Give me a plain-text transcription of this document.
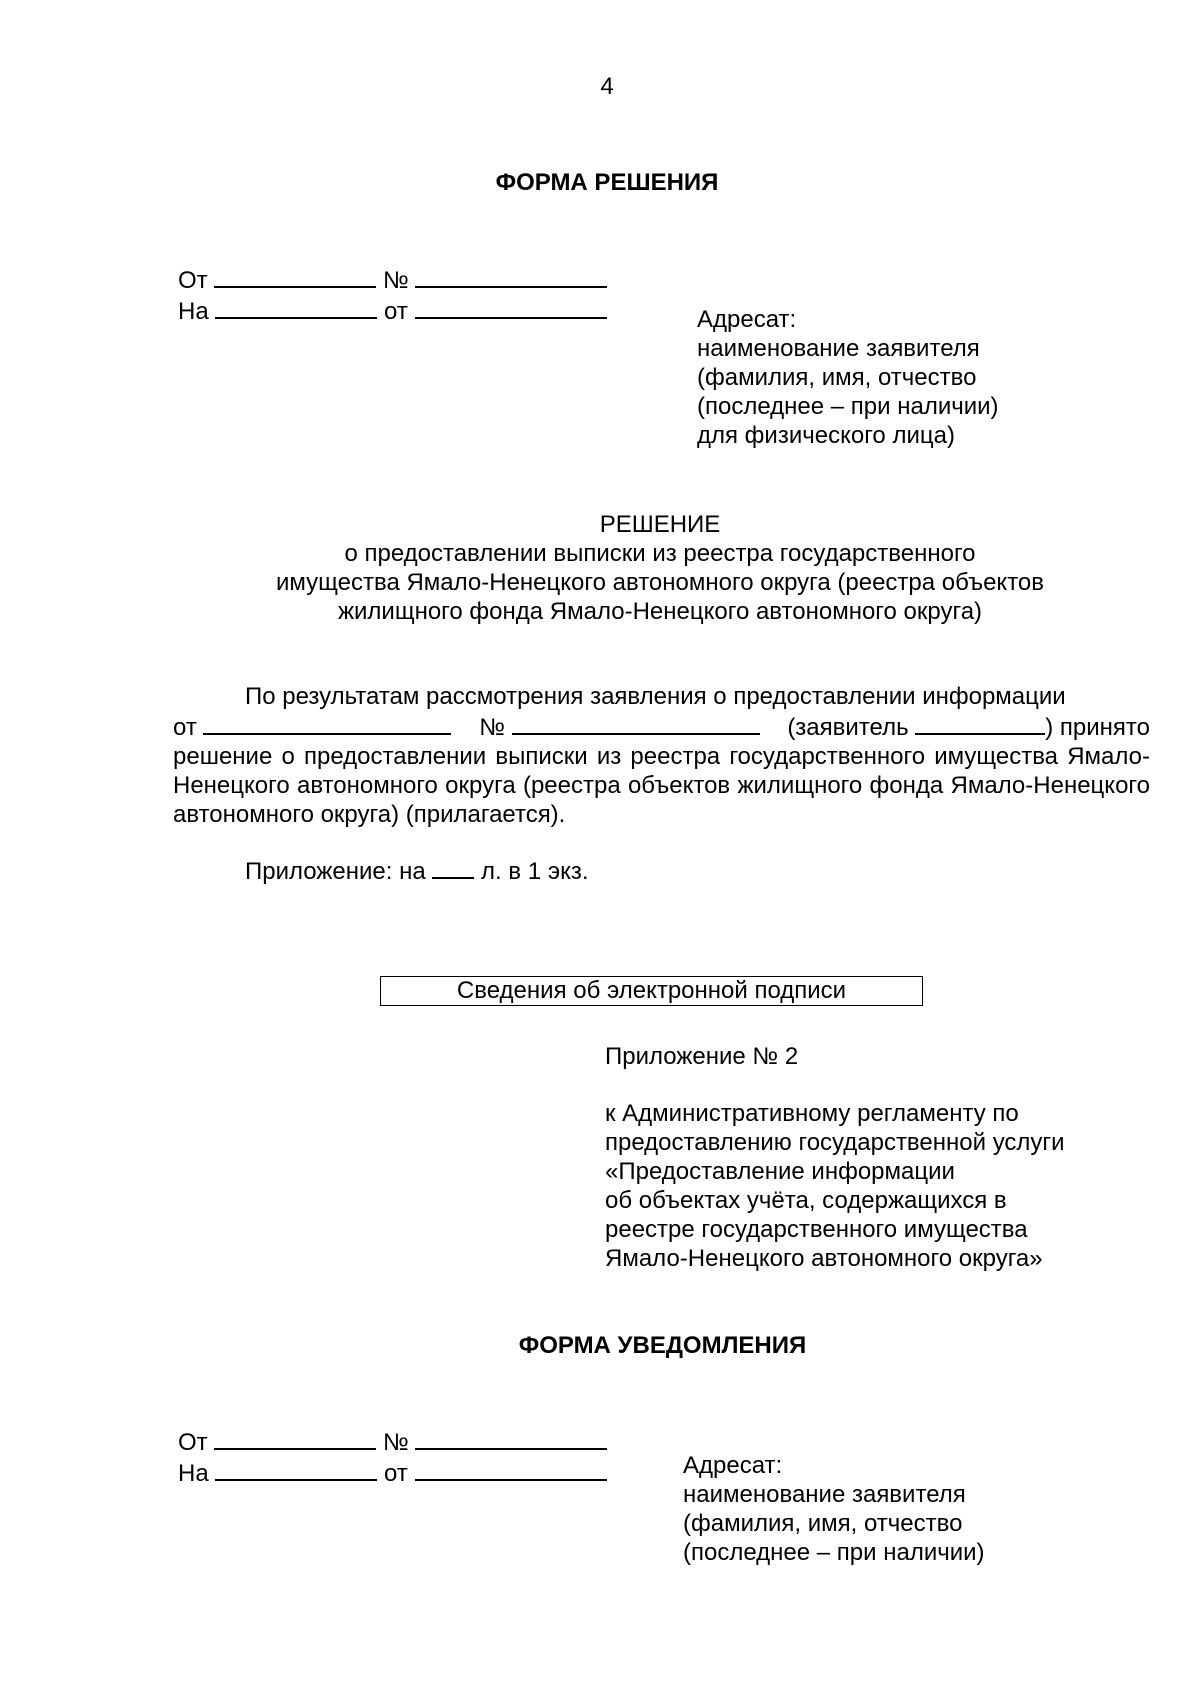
4
ФОРМА РЕШЕНИЯ
От	№
На	от	Адресат:
наименование заявителя
(фамилия, имя, отчество
(последнее – при наличии)
для физического лица)
РЕШЕНИЕ
о предоставлении выписки из реестра государственного
имущества Ямало-Ненецкого автономного округа (реестра объектов
жилищного фонда Ямало-Ненецкого автономного округа)
По результатам рассмотрения заявления о предоставлении информации
от	№	(заявитель	) принято
решение о предоставлении выписки из реестра государственного имущества Ямало-Ненецкого автономного округа (реестра объектов жилищного фонда Ямало-Ненецкого автономного округа) (прилагается).
Приложение: на л. в 1 экз.
Сведения об электронной подписи
Приложение № 2
к Административному регламенту по
предоставлению государственной услуги
«Предоставление информации
об объектах учёта, содержащихся в
реестре государственного имущества
Ямало-Ненецкого автономного округа»
ФОРМА УВЕДОМЛЕНИЯ
От	№
На	от	Адресат:
наименование заявителя
(фамилия, имя, отчество
(последнее – при наличии)
